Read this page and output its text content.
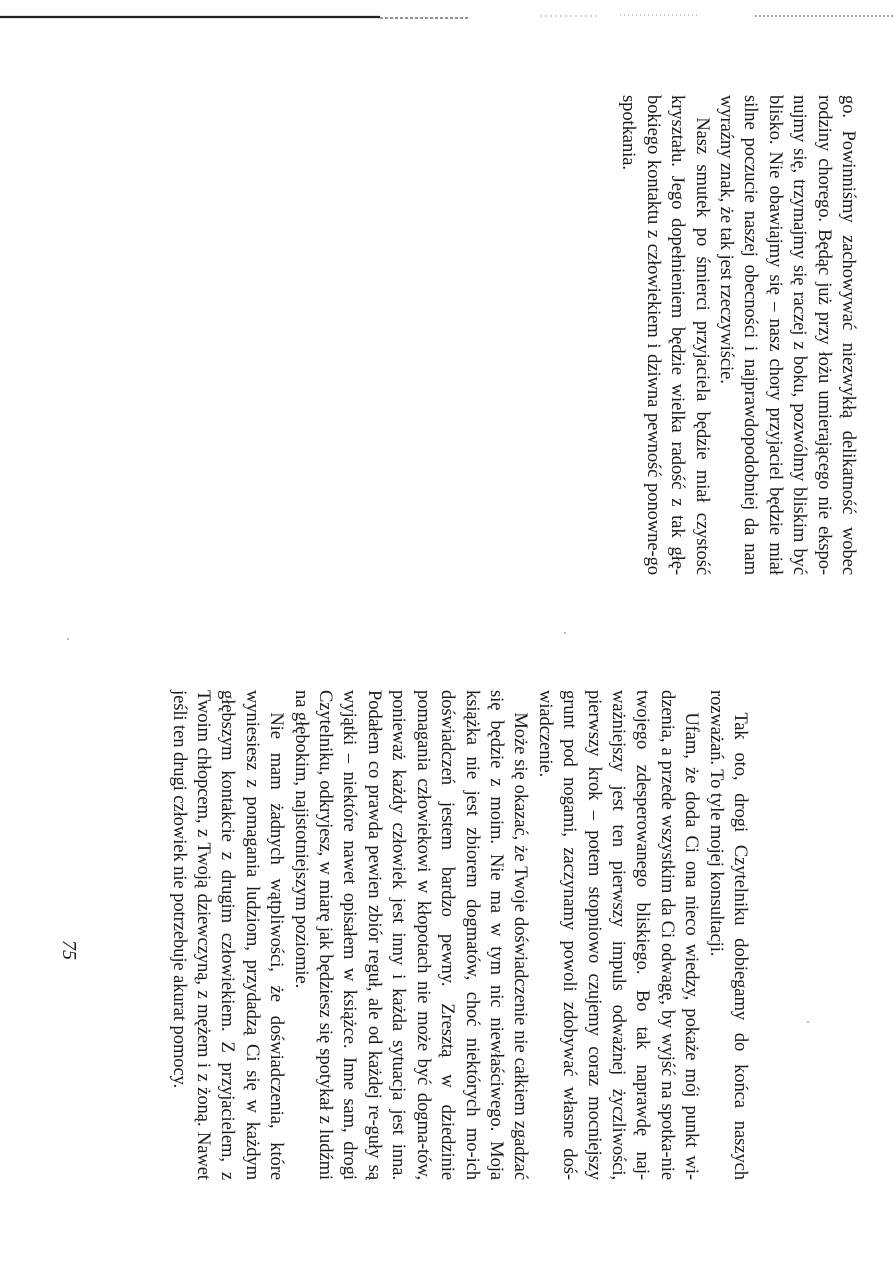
go. Powinniśmy zachowywać niezwykłą delikatność wobec rodziny chorego. Będąc już przy łożu umierającego nie ekspo-nujmy się, trzymajmy się raczej z boku, pozwólmy bliskim być blisko. Nie obawiajmy się – nasz chory przyjaciel będzie miał silne poczucie naszej obecności i najprawdopodobniej da nam wyraźny znak, że tak jest rzeczywiście.

Nasz smutek po śmierci przyjaciela będzie miał czystość kryształu. Jego dopełnieniem będzie wielka radość z tak głę-bokiego kontaktu z człowiekiem i dziwna pewność ponowne-go spotkania.

Tak oto, drogi Czytelniku dobiegamy do końca naszych rozważań. To tyle mojej konsultacji.

Ufam, że doda Ci ona nieco wiedzy, pokaże mój punkt wi-dzenia, a przede wszystkim da Ci odwagę, by wyjść na spotka-nie twojego zdesperowanego bliskiego. Bo tak naprawdę naj-ważniejszy jest ten pierwszy impuls odważnej życzliwości, pierwszy krok – potem stopniowo czujemy coraz mocniejszy grunt pod nogami, zaczynamy powoli zdobywać własne doś-wiadczenie.

Może się okazać, że Twoje doświadczenie nie całkiem zgadzać się będzie z moim. Nie ma w tym nic niewłaściwego. Moja książka nie jest zbiorem dogmatów, choć niektórych mo-ich doświadczeń jestem bardzo pewny. Zresztą w dziedzinie pomagania człowiekowi w kłopotach nie może być dogma-tów, ponieważ każdy człowiek jest inny i każda sytuacja jest inna. Podałem co prawda pewien zbiór reguł, ale od każdej re-guły są wyjątki – niektóre nawet opisałem w książce. Inne sam, drogi Czytelniku, odkryjesz, w miarę jak będziesz się spotykał z ludźmi na głębokim, najistotniejszym poziomie.

Nie mam żadnych wątpliwości, że doświadczenia, które wyniesiesz z pomagania ludziom, przydadzą Ci się w każdym głębszym kontakcie z drugim człowiekiem. Z przyjacielem, z Twoim chłopcem, z Twoją dziewczyną, z mężem i z żoną. Nawet jeśli ten drugi człowiek nie potrzebuje akurat pomocy.

75
